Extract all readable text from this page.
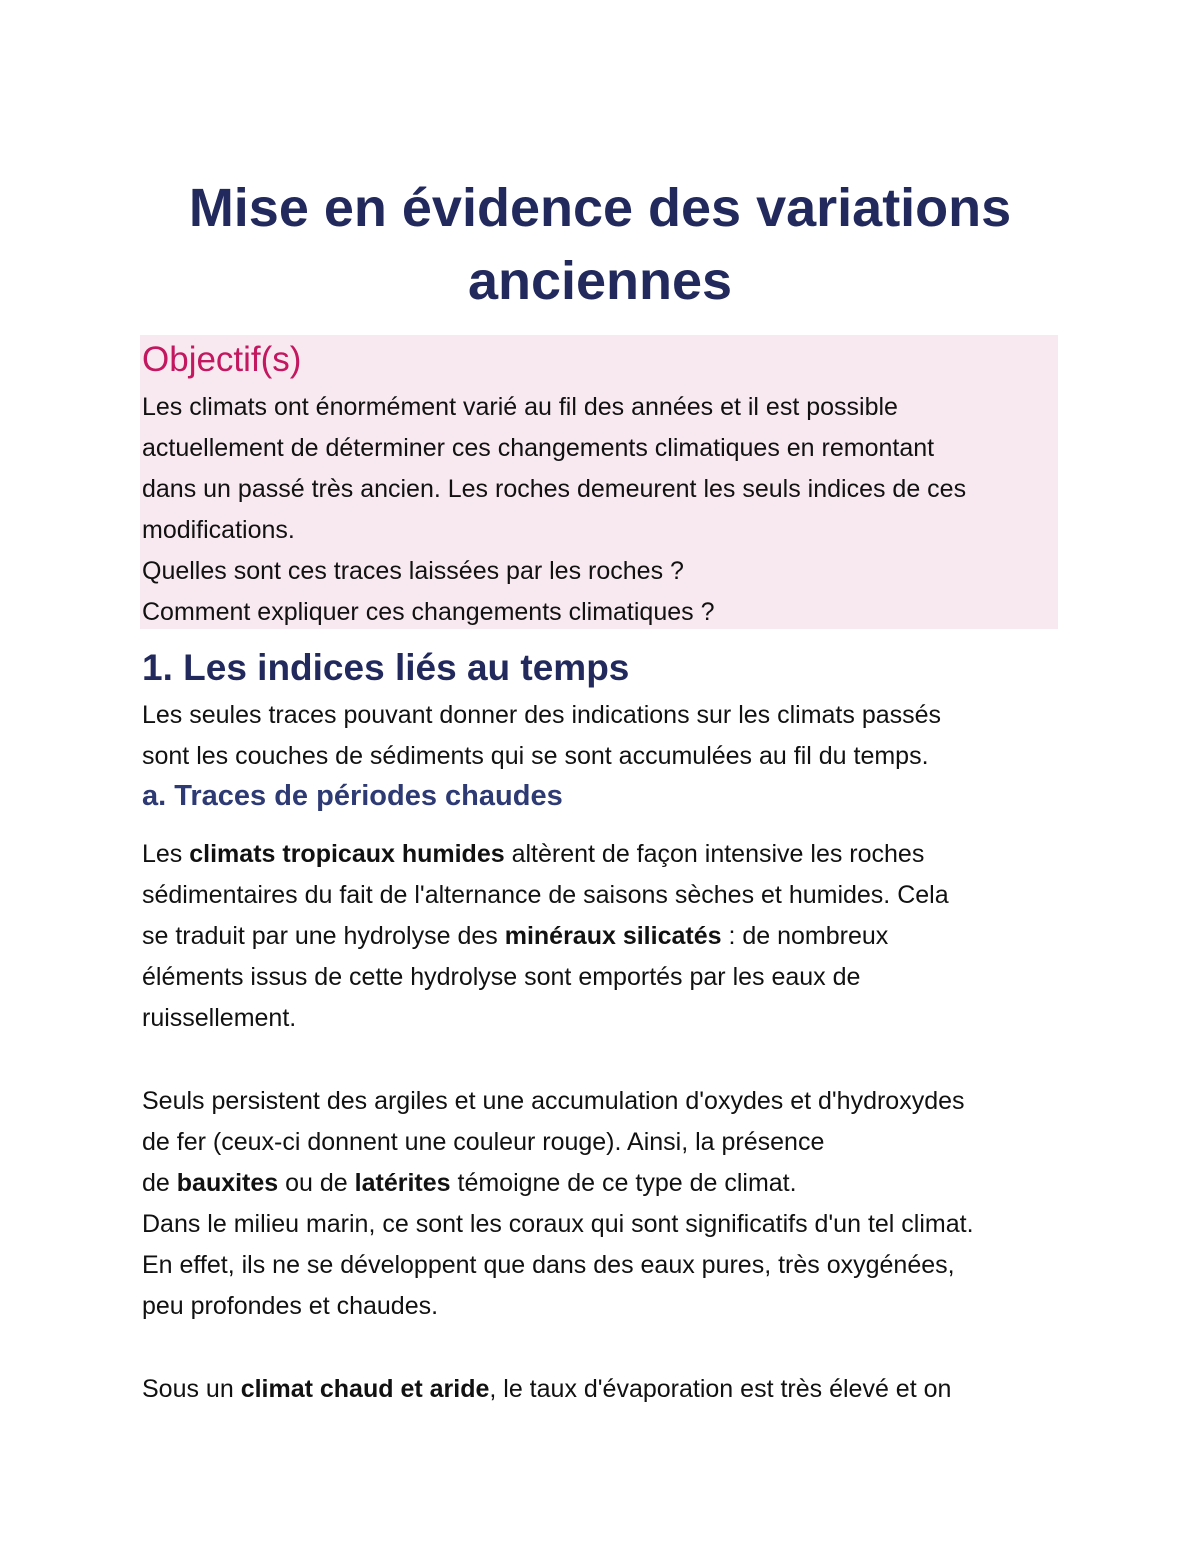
Mise en évidence des variations
anciennes
Objectif(s)
Les climats ont énormément varié au fil des années et il est possible
actuellement de déterminer ces changements climatiques en remontant
dans un passé très ancien. Les roches demeurent les seuls indices de ces
modifications.
Quelles sont ces traces laissées par les roches ?
Comment expliquer ces changements climatiques ?
1. Les indices liés au temps
Les seules traces pouvant donner des indications sur les climats passés
sont les couches de sédiments qui se sont accumulées au fil du temps.
a. Traces de périodes chaudes
Les climats tropicaux humides altèrent de façon intensive les roches
sédimentaires du fait de l'alternance de saisons sèches et humides. Cela
se traduit par une hydrolyse des minéraux silicatés : de nombreux
éléments issus de cette hydrolyse sont emportés par les eaux de
ruissellement.
Seuls persistent des argiles et une accumulation d'oxydes et d'hydroxydes
de fer (ceux-ci donnent une couleur rouge). Ainsi, la présence
de bauxites ou de latérites témoigne de ce type de climat.
Dans le milieu marin, ce sont les coraux qui sont significatifs d'un tel climat.
En effet, ils ne se développent que dans des eaux pures, très oxygénées,
peu profondes et chaudes.
Sous un climat chaud et aride, le taux d'évaporation est très élevé et on
